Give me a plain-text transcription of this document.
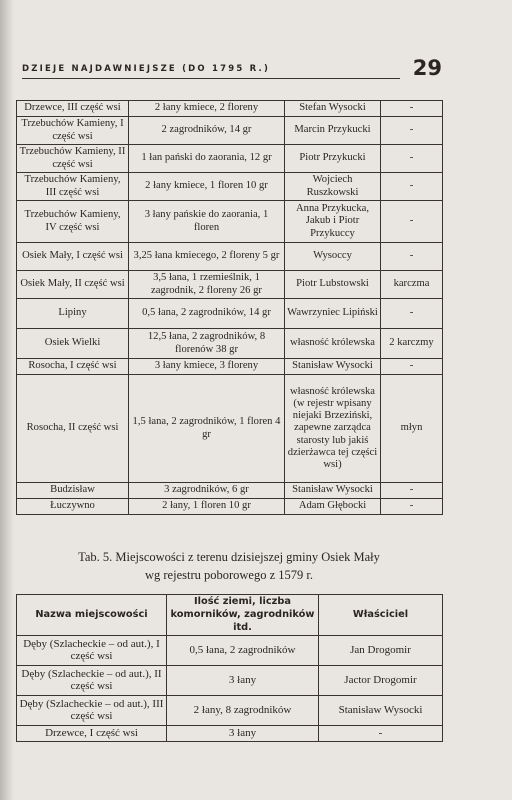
DZIEJE NAJDAWNIEJSZE (DO 1795 R.)	29
Drzewce, III część wsi	2 łany kmiece, 2 floreny	Stefan Wysocki	-
Trzebuchów Kamieny, I część wsi	2 zagrodników, 14 gr	Marcin Przykucki	-
Trzebuchów Kamieny, II część wsi	1 łan pański do zaorania, 12 gr	Piotr Przykucki	-
Trzebuchów Kamieny, III część wsi	2 łany kmiece, 1 floren 10 gr	Wojciech Ruszkowski	-
Trzebuchów Kamieny, IV część wsi	3 łany pańskie do zaorania, 1 floren	Anna Przykucka, Jakub i Piotr Przykuccy	-
Osiek Mały, I część wsi	3,25 łana kmiecego, 2 floreny 5 gr	Wysoccy	-
Osiek Mały, II część wsi	3,5 łana, 1 rzemieślnik, 1 zagrodnik, 2 floreny 26 gr	Piotr Lubstowski	karczma
Lipiny	0,5 łana, 2 zagrodników, 14 gr	Wawrzyniec Lipiński	-
Osiek Wielki	12,5 łana, 2 zagrodników, 8 florenów 38 gr	własność królewska	2 karczmy
Rosocha, I część wsi	3 łany kmiece, 3 floreny	Stanisław Wysocki	-
Rosocha, II część wsi	1,5 łana, 2 zagrodników, 1 floren 4 gr	własność królewska (w rejestr wpisany niejaki Brzeziński, zapewne zarządca starosty lub jakiś dzierżawca tej części wsi)	młyn
Budzisław	3 zagrodników, 6 gr	Stanisław Wysocki	-
Łuczywno	2 łany, 1 floren 10 gr	Adam Głębocki	-
Tab. 5. Miejscowości z terenu dzisiejszej gminy Osiek Mały
wg rejestru poborowego z 1579 r.
Nazwa miejscowości	Ilość ziemi, liczba komorników, zagrodników itd.	Właściciel
Dęby (Szlacheckie – od aut.), I część wsi	0,5 łana, 2 zagrodników	Jan Drogomir
Dęby (Szlacheckie – od aut.), II część wsi	3 łany	Jactor Drogomir
Dęby (Szlacheckie – od aut.), III część wsi	2 łany, 8 zagrodników	Stanisław Wysocki
Drzewce, I część wsi	3 łany	-
